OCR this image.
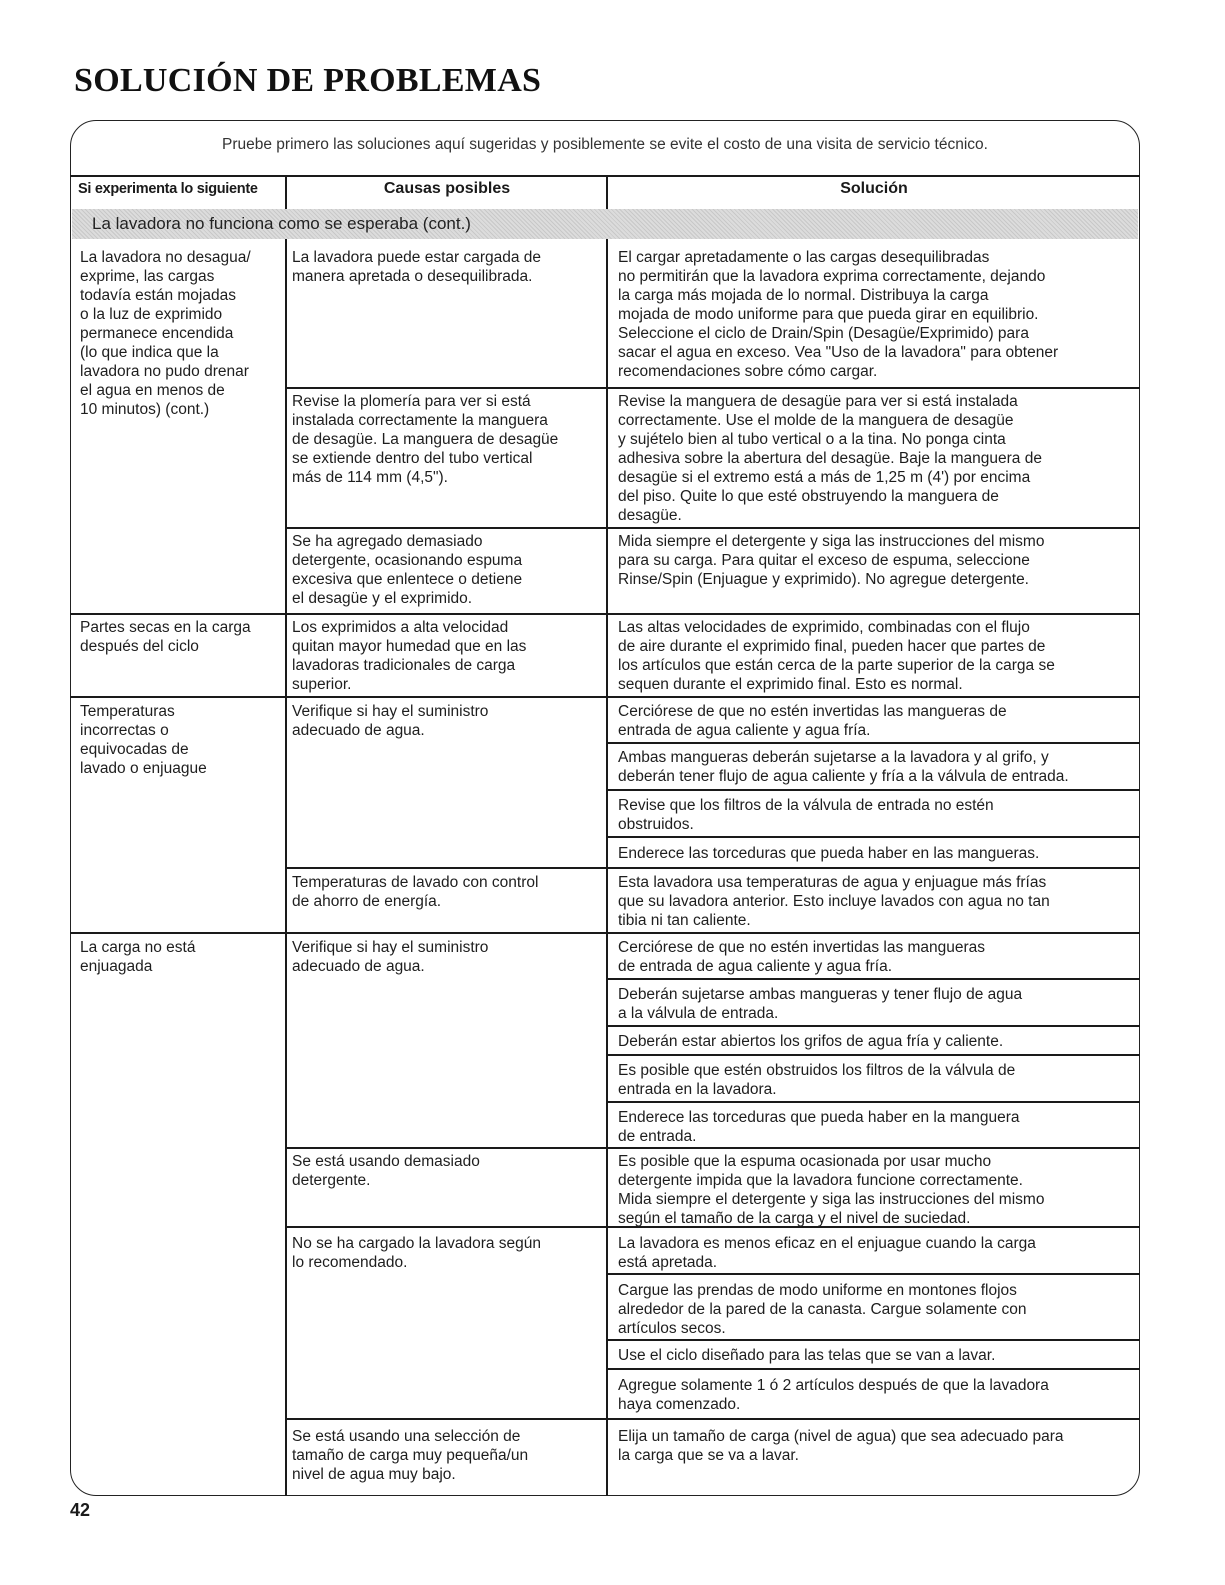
SOLUCIÓN DE PROBLEMAS
Pruebe primero las soluciones aquí sugeridas y posiblemente se evite el costo de una visita de servicio técnico.
Si experimenta lo siguiente	Causas posibles	Solución
La lavadora no funciona como se esperaba (cont.)
La lavadora no desagua/
exprime, las cargas
todavía están mojadas
o la luz de exprimido
permanece encendida
(lo que indica que la
lavadora no pudo drenar
el agua en menos de
10 minutos) (cont.)
Partes secas en la carga
después del ciclo
Temperaturas
incorrectas o
equivocadas de
lavado o enjuague
La carga no está
enjuagada
La lavadora puede estar cargada de
manera apretada o desequilibrada.
Revise la plomería para ver si está
instalada correctamente la manguera
de desagüe. La manguera de desagüe
se extiende dentro del tubo vertical
más de 114 mm (4,5").
Se ha agregado demasiado
detergente, ocasionando espuma
excesiva que enlentece o detiene
el desagüe y el exprimido.
Los exprimidos a alta velocidad
quitan mayor humedad que en las
lavadoras tradicionales de carga
superior.
Verifique si hay el suministro
adecuado de agua.
Temperaturas de lavado con control
de ahorro de energía.
Verifique si hay el suministro
adecuado de agua.
Se está usando demasiado
detergente.
No se ha cargado la lavadora según
lo recomendado.
Se está usando una selección de
tamaño de carga muy pequeña/un
nivel de agua muy bajo.
El cargar apretadamente o las cargas desequilibradas
no permitirán que la lavadora exprima correctamente, dejando
la carga más mojada de lo normal. Distribuya la carga
mojada de modo uniforme para que pueda girar en equilibrio.
Seleccione el ciclo de Drain/Spin (Desagüe/Exprimido) para
sacar el agua en exceso. Vea "Uso de la lavadora" para obtener
recomendaciones sobre cómo cargar.
Revise la manguera de desagüe para ver si está instalada
correctamente. Use el molde de la manguera de desagüe
y sujételo bien al tubo vertical o a la tina. No ponga cinta
adhesiva sobre la abertura del desagüe. Baje la manguera de
desagüe si el extremo está a más de 1,25 m (4') por encima
del piso. Quite lo que esté obstruyendo la manguera de
desagüe.
Mida siempre el detergente y siga las instrucciones del mismo
para su carga. Para quitar el exceso de espuma, seleccione
Rinse/Spin (Enjuague y exprimido). No agregue detergente.
Las altas velocidades de exprimido, combinadas con el flujo
de aire durante el exprimido final, pueden hacer que partes de
los artículos que están cerca de la parte superior de la carga se
sequen durante el exprimido final. Esto es normal.
Cerciórese de que no estén invertidas las mangueras de
entrada de agua caliente y agua fría.
Ambas mangueras deberán sujetarse a la lavadora y al grifo, y
deberán tener flujo de agua caliente y fría a la válvula de entrada.
Revise que los filtros de la válvula de entrada no estén
obstruidos.
Enderece las torceduras que pueda haber en las mangueras.
Esta lavadora usa temperaturas de agua y enjuague más frías
que su lavadora anterior. Esto incluye lavados con agua no tan
tibia ni tan caliente.
Cerciórese de que no estén invertidas las mangueras
de entrada de agua caliente y agua fría.
Deberán sujetarse ambas mangueras y tener flujo de agua
a la válvula de entrada.
Deberán estar abiertos los grifos de agua fría y caliente.
Es posible que estén obstruidos los filtros de la válvula de
entrada en la lavadora.
Enderece las torceduras que pueda haber en la manguera
de entrada.
Es posible que la espuma ocasionada por usar mucho
detergente impida que la lavadora funcione correctamente.
Mida siempre el detergente y siga las instrucciones del mismo
según el tamaño de la carga y el nivel de suciedad.
La lavadora es menos eficaz en el enjuague cuando la carga
está apretada.
Cargue las prendas de modo uniforme en montones flojos
alrededor de la pared de la canasta. Cargue solamente con
artículos secos.
Use el ciclo diseñado para las telas que se van a lavar.
Agregue solamente 1 ó 2 artículos después de que la lavadora
haya comenzado.
Elija un tamaño de carga (nivel de agua) que sea adecuado para
la carga que se va a lavar.
42
